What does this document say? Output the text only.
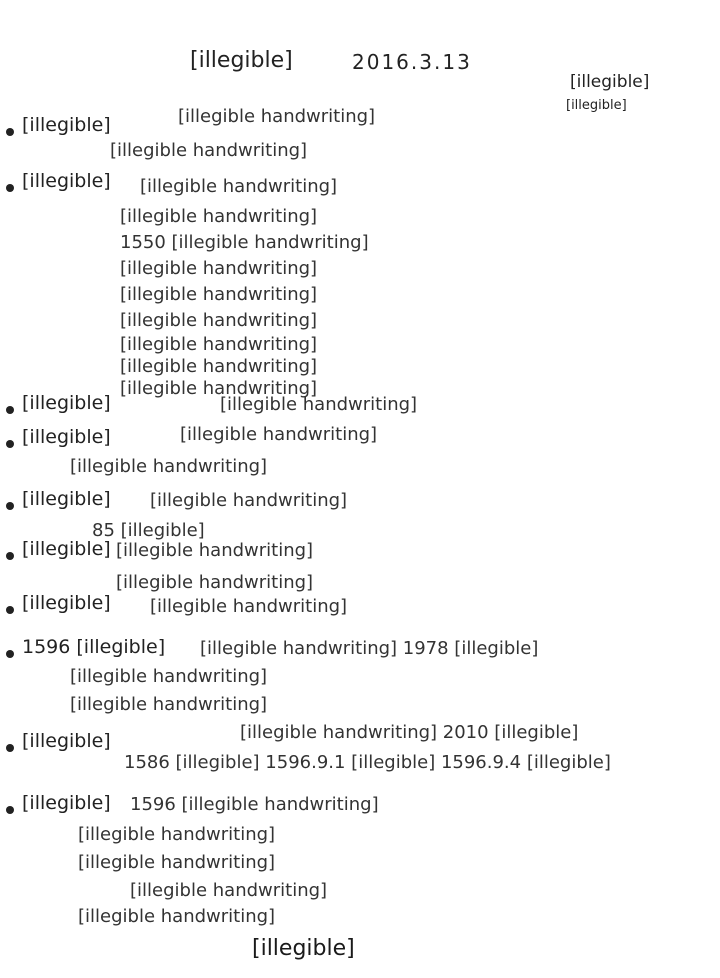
[illegible]	2016.3.13
[illegible]
[illegible]
[illegible]	[illegible handwriting]
[illegible handwriting]
[illegible] [illegible handwriting]
[illegible handwriting]
1550 [illegible handwriting]
[illegible handwriting]
[illegible handwriting]
[illegible handwriting]
[illegible handwriting]
[illegible handwriting]
[illegible handwriting]
[illegible]	[illegible handwriting]
[illegible]	[illegible handwriting]
[illegible handwriting]
[illegible] [illegible handwriting]
85 [illegible]
[illegible] [illegible handwriting]
[illegible handwriting]
[illegible] [illegible handwriting]
1596 [illegible] [illegible handwriting] 1978 [illegible]
[illegible handwriting]
[illegible handwriting]
[illegible]	[illegible handwriting] 2010 [illegible]
1586 [illegible] 1596.9.1 [illegible] 1596.9.4 [illegible]
[illegible] 1596 [illegible handwriting]
[illegible handwriting]
[illegible handwriting]
[illegible handwriting]
[illegible handwriting]
[illegible]
